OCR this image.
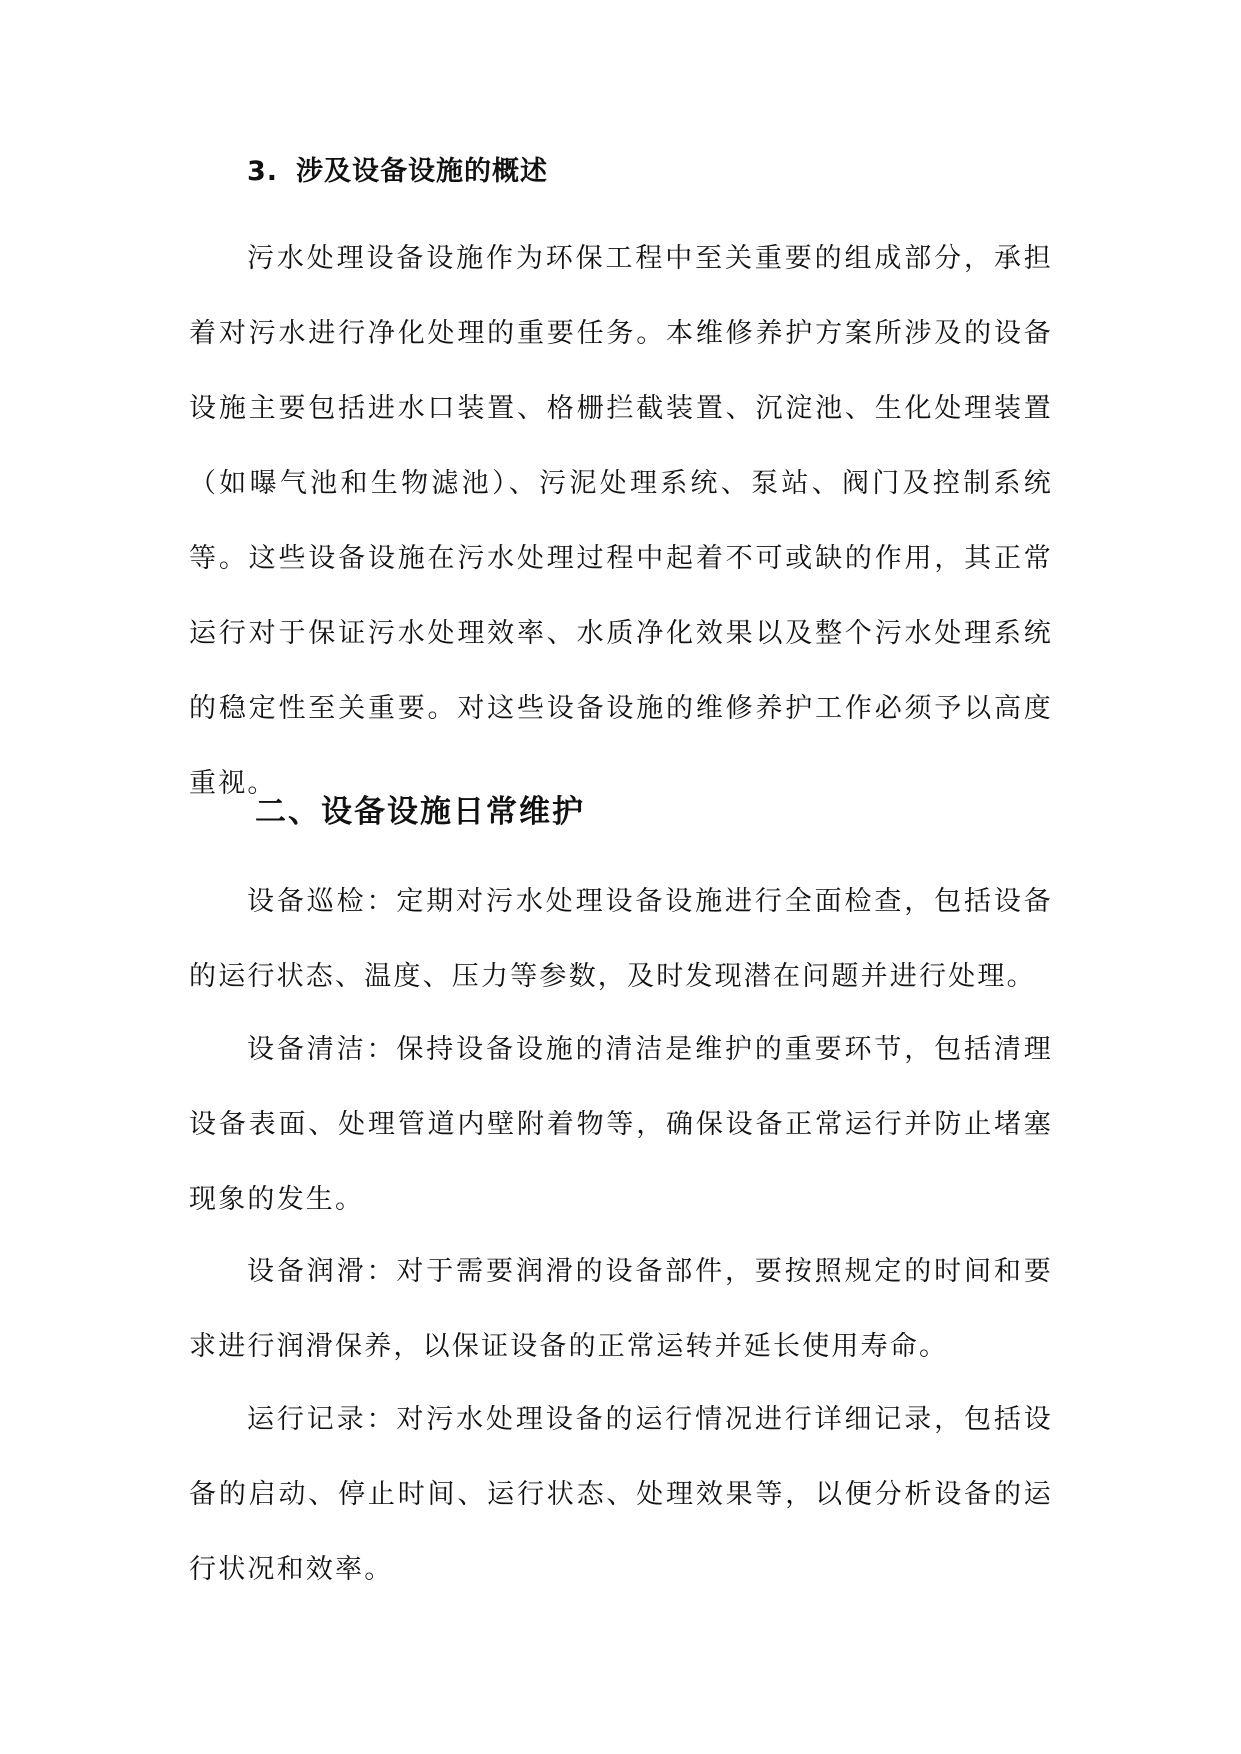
3. 涉及设备设施的概述

污水处理设备设施作为环保工程中至关重要的组成部分，承担着对污水进行净化处理的重要任务。本维修养护方案所涉及的设备设施主要包括进水口装置、格栅拦截装置、沉淀池、生化处理装置（如曝气池和生物滤池）、污泥处理系统、泵站、阀门及控制系统等。这些设备设施在污水处理过程中起着不可或缺的作用，其正常运行对于保证污水处理效率、水质净化效果以及整个污水处理系统的稳定性至关重要。对这些设备设施的维修养护工作必须予以高度重视。

二、设备设施日常维护

设备巡检：定期对污水处理设备设施进行全面检查，包括设备的运行状态、温度、压力等参数，及时发现潜在问题并进行处理。

设备清洁：保持设备设施的清洁是维护的重要环节，包括清理设备表面、处理管道内壁附着物等，确保设备正常运行并防止堵塞现象的发生。

设备润滑：对于需要润滑的设备部件，要按照规定的时间和要求进行润滑保养，以保证设备的正常运转并延长使用寿命。

运行记录：对污水处理设备的运行情况进行详细记录，包括设备的启动、停止时间、运行状态、处理效果等，以便分析设备的运行状况和效率。
